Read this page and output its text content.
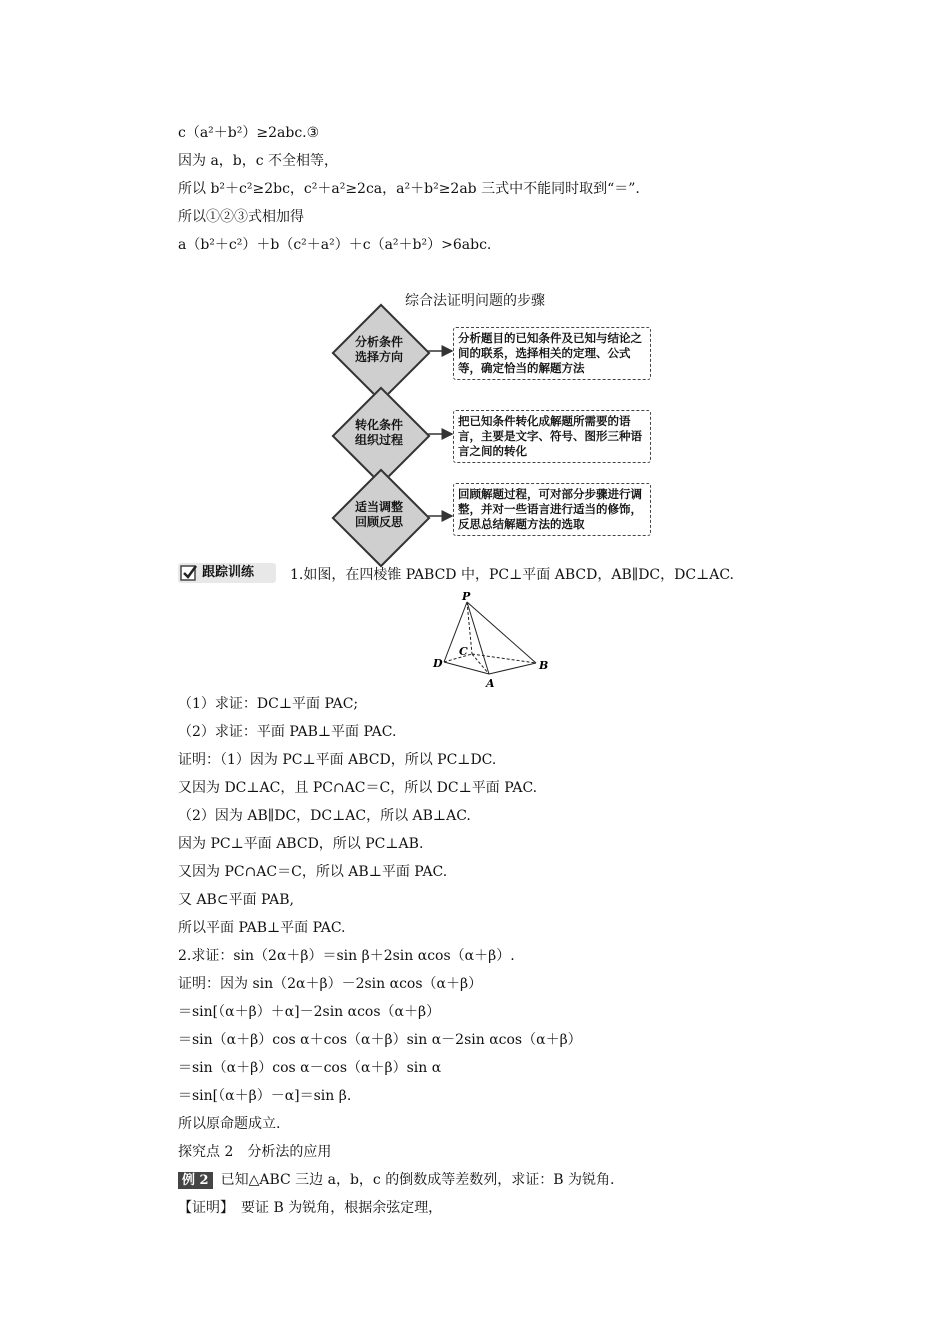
c（a²＋b²）≥2abc.③
因为 a，b，c 不全相等，
所以 b²＋c²≥2bc，c²＋a²≥2ca，a²＋b²≥2ab 三式中不能同时取到“＝”.
所以①②③式相加得
a（b²＋c²）＋b（c²＋a²）＋c（a²＋b²）>6abc.
综合法证明问题的步骤
分析条件
选择方向
转化条件
组织过程
适当调整
回顾反思
分析题目的已知条件及已知与结论之间的联系，选择相关的定理、公式等，确定恰当的解题方法
把已知条件转化成解题所需要的语言，主要是文字、符号、图形三种语言之间的转化
回顾解题过程，可对部分步骤进行调整，并对一些语言进行适当的修饰，反思总结解题方法的选取
跟踪训练	1.如图，在四棱锥 PABCD 中，PC⊥平面 ABCD，AB∥DC，DC⊥AC.
P
C
D	B
A
（1）求证：DC⊥平面 PAC;
（2）求证：平面 PAB⊥平面 PAC.
证明：（1）因为 PC⊥平面 ABCD，所以 PC⊥DC.
又因为 DC⊥AC，且 PC∩AC＝C，所以 DC⊥平面 PAC.
（2）因为 AB∥DC，DC⊥AC，所以 AB⊥AC.
因为 PC⊥平面 ABCD，所以 PC⊥AB.
又因为 PC∩AC＝C，所以 AB⊥平面 PAC.
又 AB⊂平面 PAB,
所以平面 PAB⊥平面 PAC.
2.求证：sin（2α＋β）＝sin β＋2sin αcos（α＋β）.
证明：因为 sin（2α＋β）－2sin αcos（α＋β）
＝sin[（α＋β）＋α]－2sin αcos（α＋β）
＝sin（α＋β）cos α＋cos（α＋β）sin α－2sin αcos（α＋β）
＝sin（α＋β）cos α－cos（α＋β）sin α
＝sin[（α＋β）－α]＝sin β.
所以原命题成立.
探究点 2　分析法的应用
例 2 已知△ABC 三边 a，b，c 的倒数成等差数列，求证：B 为锐角.
【证明】　要证 B 为锐角，根据余弦定理，
